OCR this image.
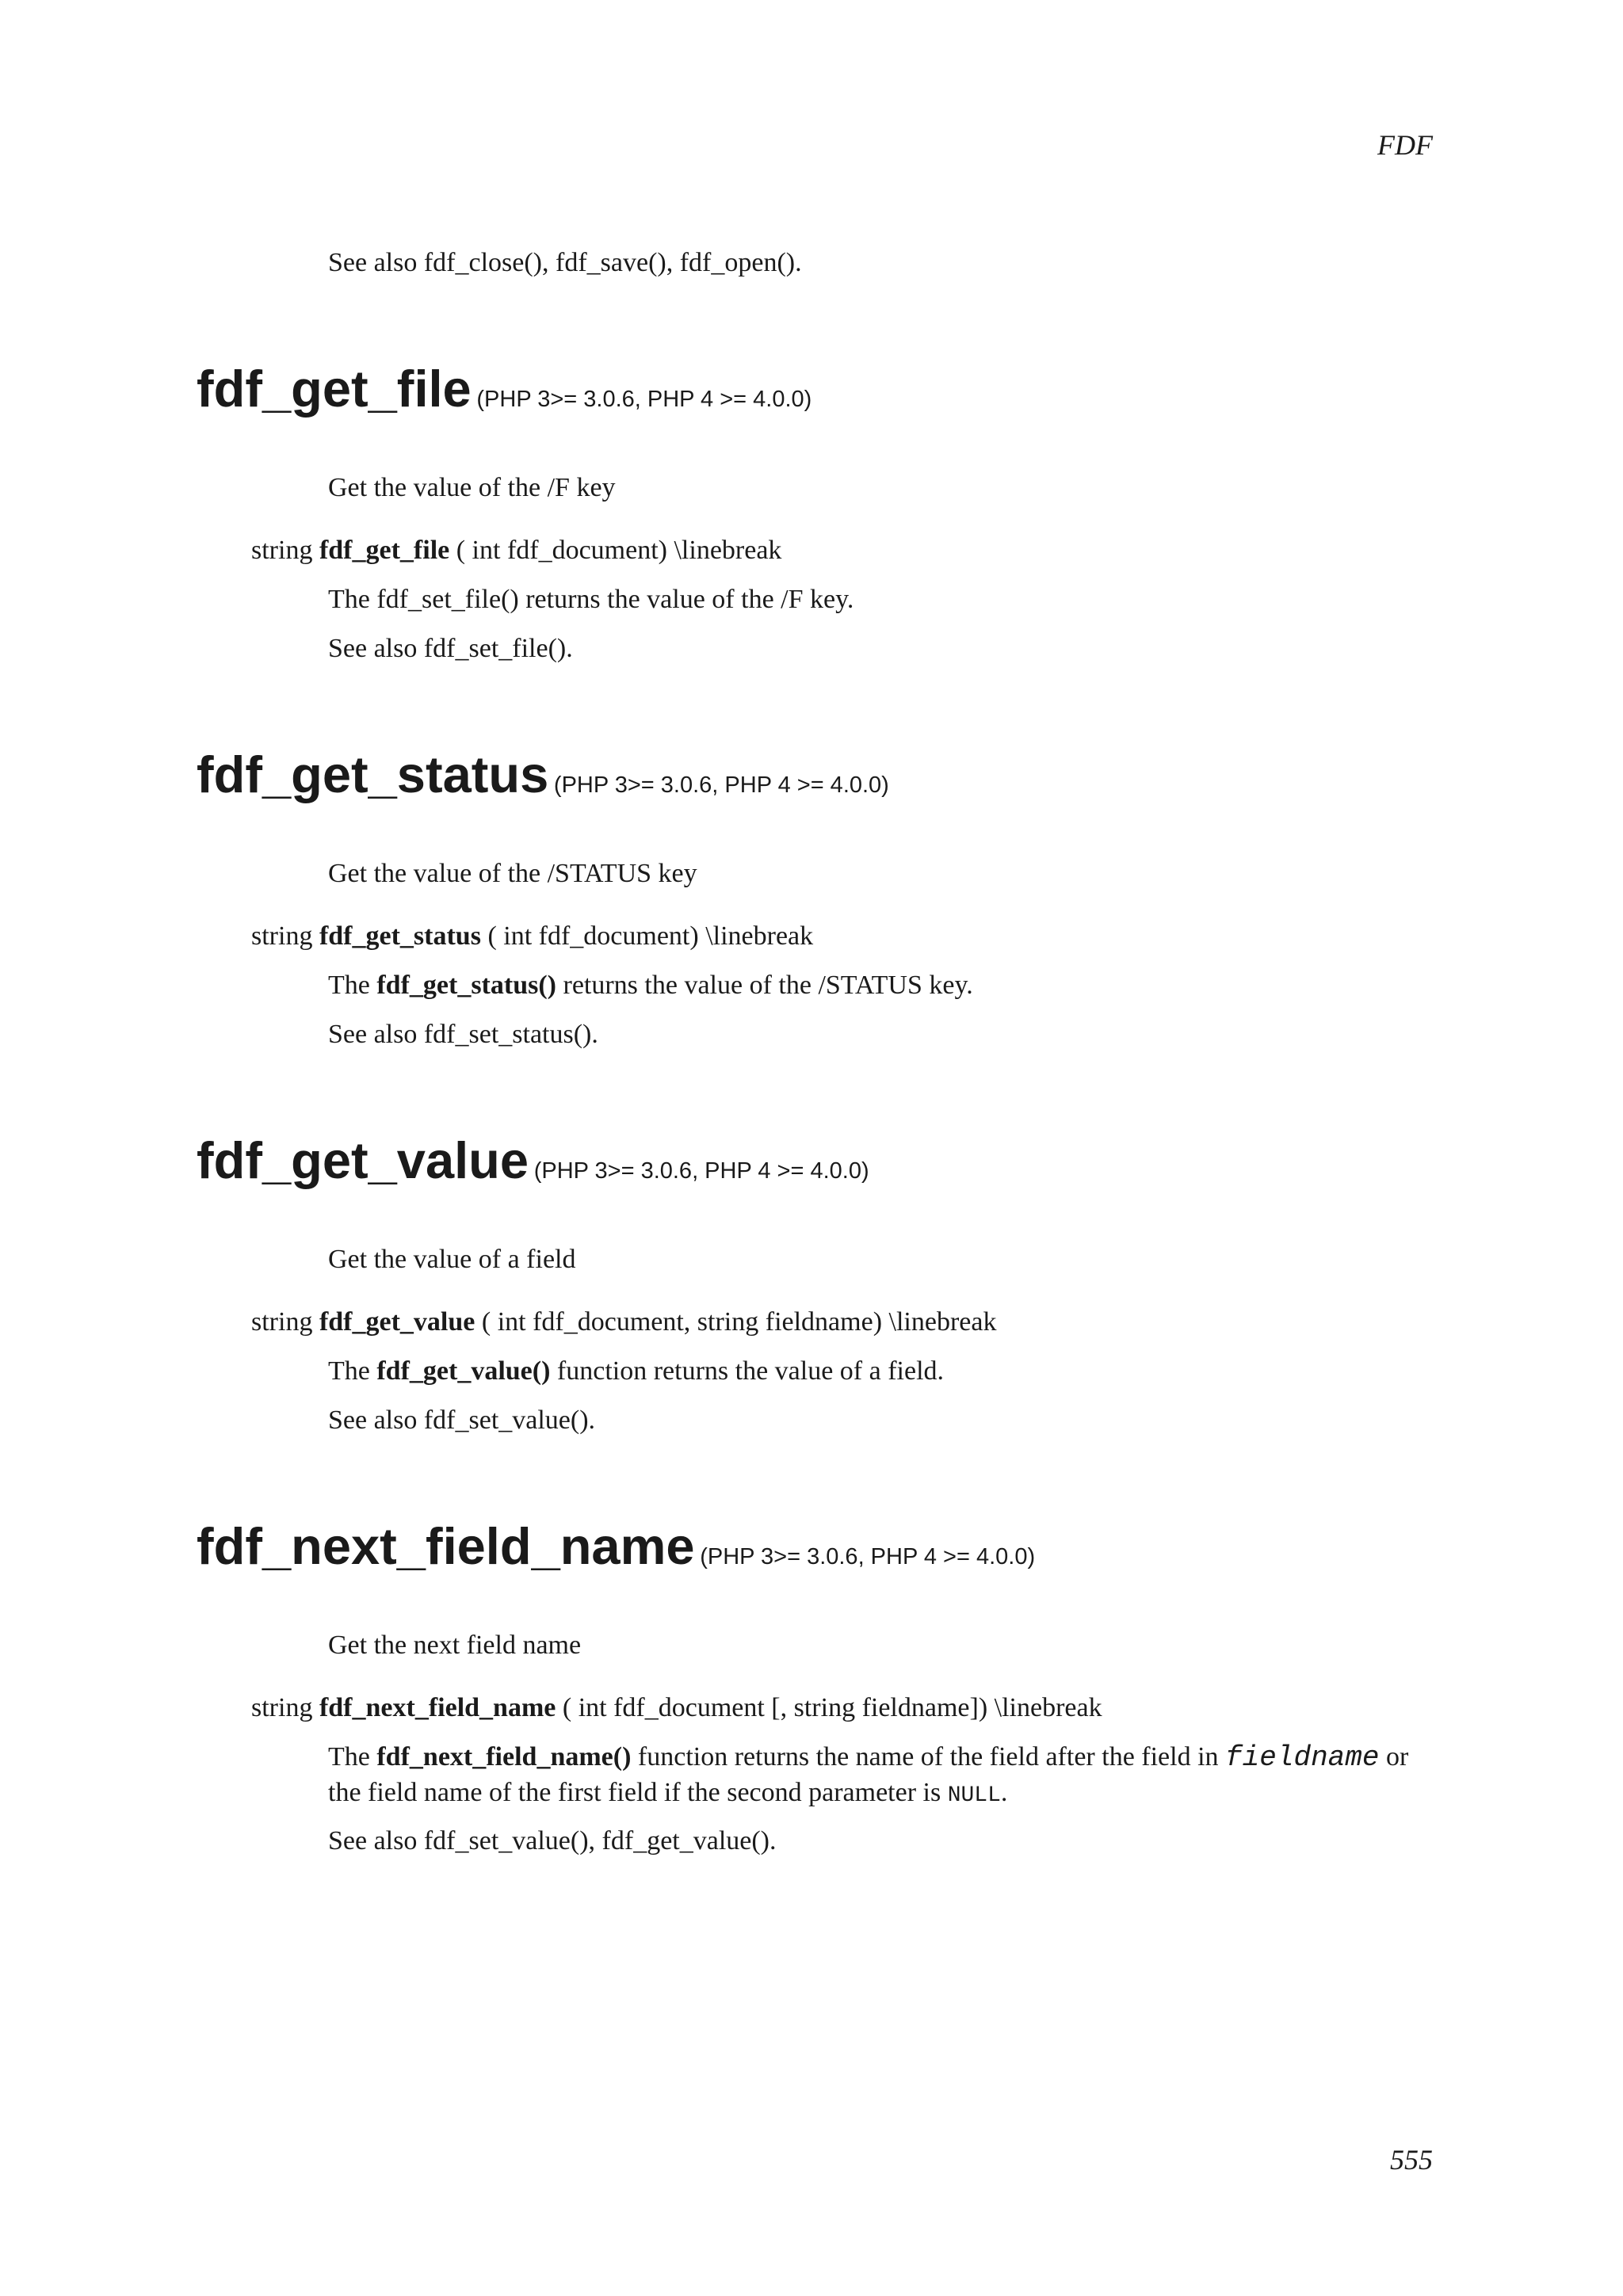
FDF

See also fdf_close(), fdf_save(), fdf_open().

fdf_get_file (PHP 3>= 3.0.6, PHP 4 >= 4.0.0)

Get the value of the /F key

string fdf_get_file ( int fdf_document) \linebreak

The fdf_set_file() returns the value of the /F key.

See also fdf_set_file().

fdf_get_status (PHP 3>= 3.0.6, PHP 4 >= 4.0.0)

Get the value of the /STATUS key

string fdf_get_status ( int fdf_document) \linebreak

The fdf_get_status() returns the value of the /STATUS key.

See also fdf_set_status().

fdf_get_value (PHP 3>= 3.0.6, PHP 4 >= 4.0.0)

Get the value of a field

string fdf_get_value ( int fdf_document, string fieldname) \linebreak

The fdf_get_value() function returns the value of a field.

See also fdf_set_value().

fdf_next_field_name (PHP 3>= 3.0.6, PHP 4 >= 4.0.0)

Get the next field name

string fdf_next_field_name ( int fdf_document [, string fieldname]) \linebreak

The fdf_next_field_name() function returns the name of the field after the field in fieldname or
the field name of the first field if the second parameter is NULL.

See also fdf_set_value(), fdf_get_value().

555
